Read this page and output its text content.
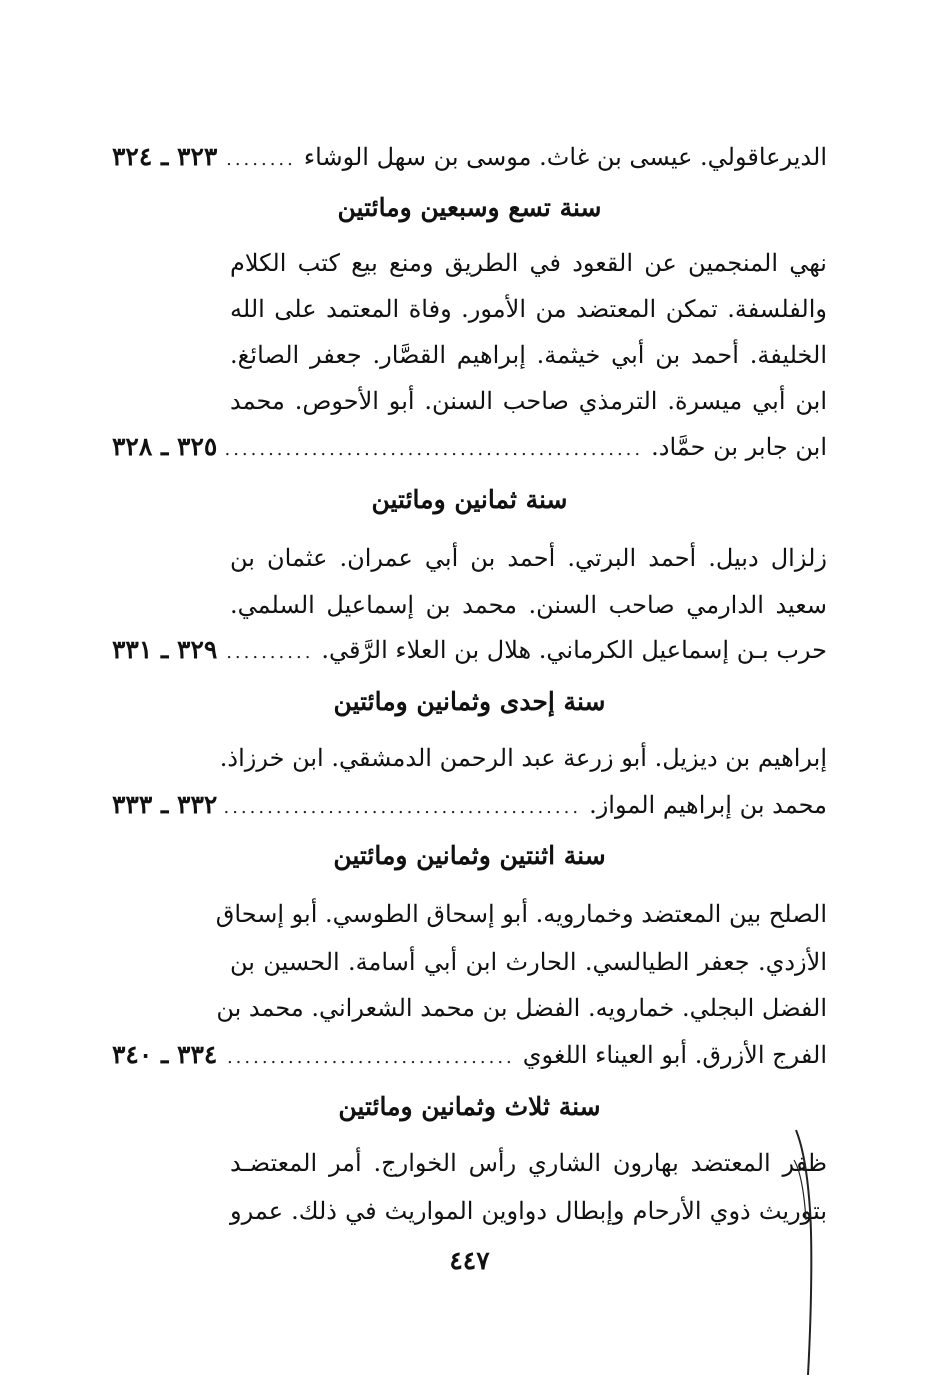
الديرعاقولي. عيسى بن غاث. موسى بن سهل الوشاء
.....
٣٢٣ ـ ٣٢٤
سنة تسع وسبعين ومائتين
نهي المنجمين عن القعود في الطريق ومنع بيع كتب الكلام
والفلسفة. تمكن المعتضد من الأمور. وفاة المعتمد على الله
الخليفة. أحمد بن أبي خيثمة. إبراهيم القصَّار. جعفر الصائغ.
ابن أبي ميسرة. الترمذي صاحب السنن. أبو الأحوص. محمد
ابن جابر بن حمَّاد.
.....
٣٢٥ ـ ٣٢٨
سنة ثمانين ومائتين
زلزال دبيل. أحمد البرتي. أحمد بن أبي عمران. عثمان بن
سعيد الدارمي صاحب السنن. محمد بن إسماعيل السلمي.
حرب بـن إسماعيل الكرماني. هلال بن العلاء الرَّقي.
.....
٣٢٩ ـ ٣٣١
سنة إحدى وثمانين ومائتين
إبراهيم بن ديزيل. أبو زرعة عبد الرحمن الدمشقي. ابن خرزاذ.
محمد بن إبراهيم المواز.
.....
٣٣٢ ـ ٣٣٣
سنة اثنتين وثمانين ومائتين
الصلح بين المعتضد وخمارويه. أبو إسحاق الطوسي. أبو إسحاق
الأزدي. جعفر الطيالسي. الحارث ابن أبي أسامة. الحسين بن
الفضل البجلي. خمارويه. الفضل بن محمد الشعراني. محمد بن
الفرج الأزرق. أبو العيناء اللغوي
.....
٣٣٤ ـ ٣٤٠
سنة ثلاث وثمانين ومائتين
ظفر المعتضد بهارون الشاري رأس الخوارج. أمر المعتضـد
بتوريث ذوي الأرحام وإبطال دواوين المواريث في ذلك. عمرو
٤٤٧
